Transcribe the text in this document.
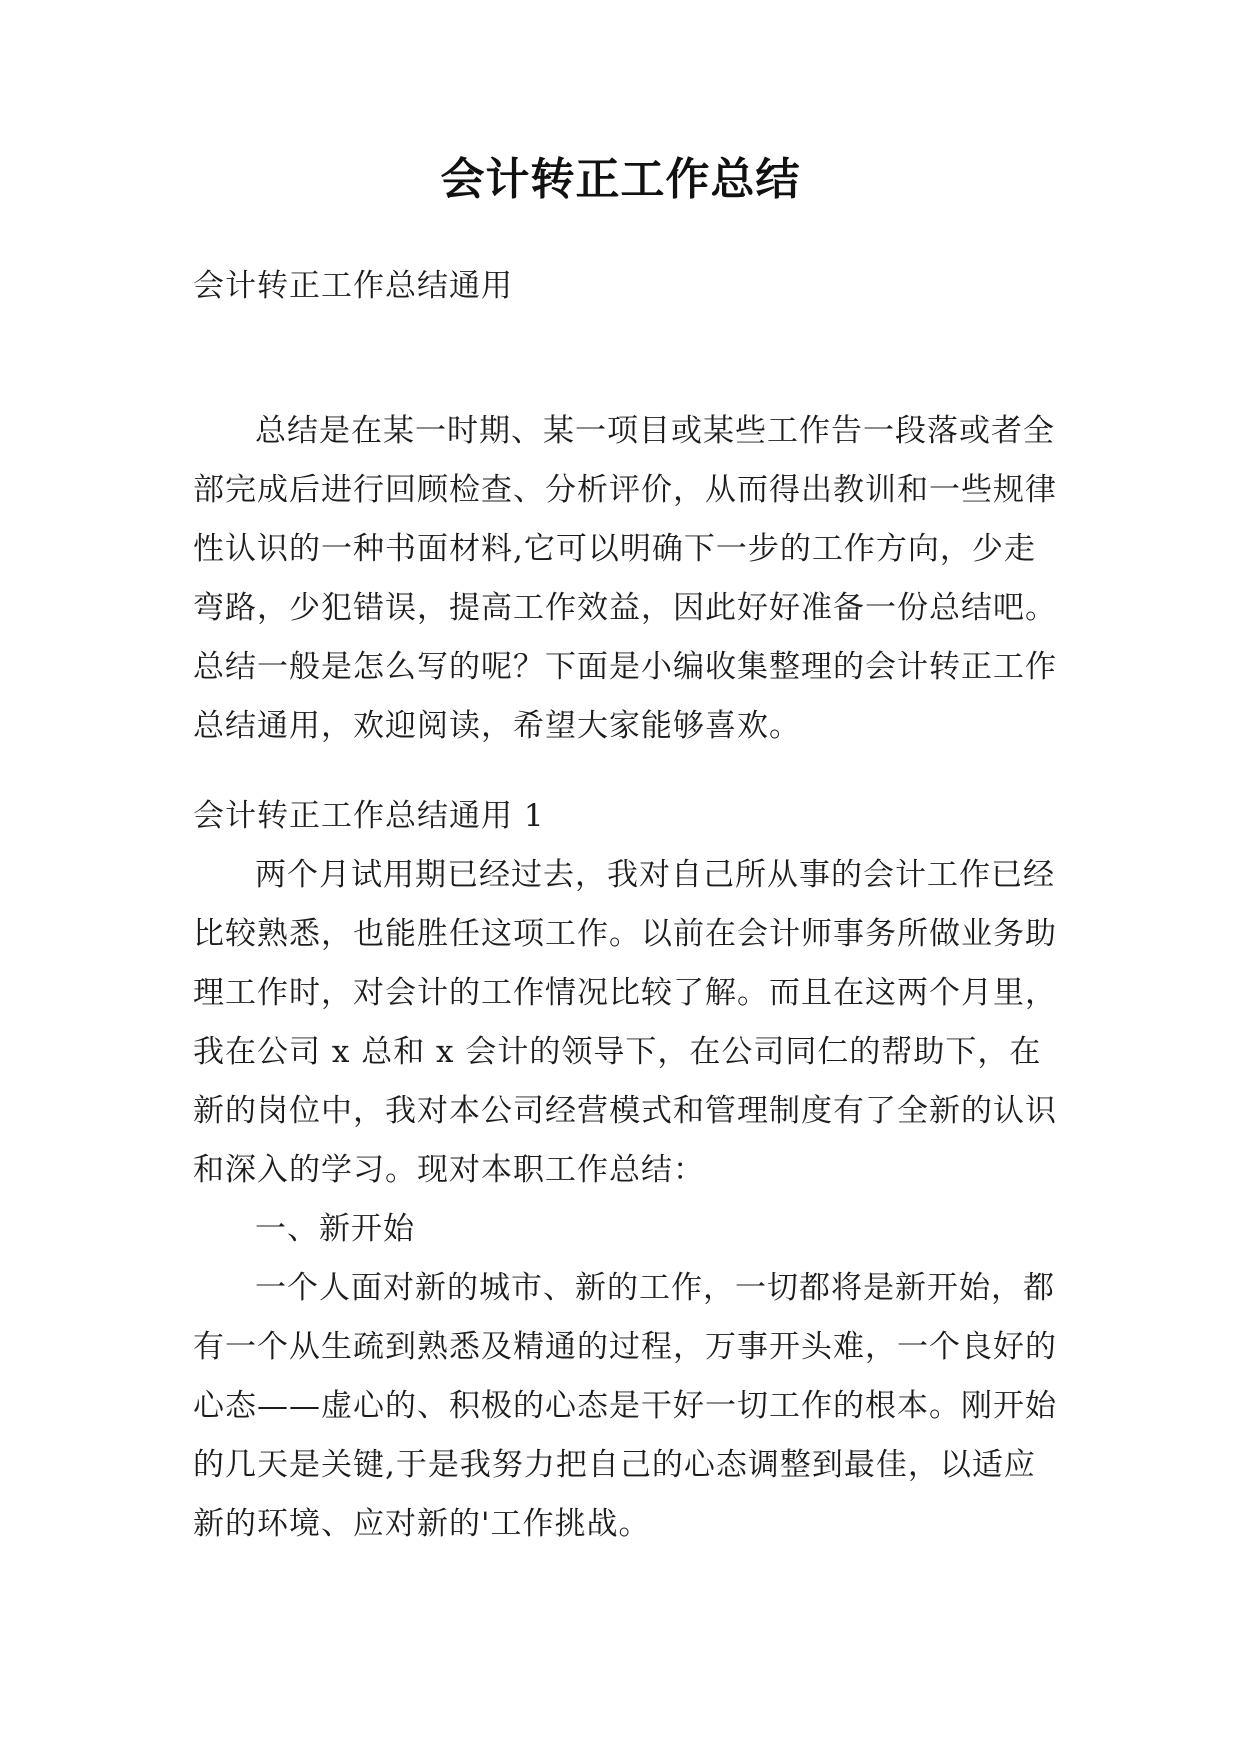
会计转正工作总结

会计转正工作总结通用

总结是在某一时期、某一项目或某些工作告一段落或者全部完成后进行回顾检查、分析评价，从而得出教训和一些规律性认识的一种书面材料,它可以明确下一步的工作方向，少走弯路，少犯错误，提高工作效益，因此好好准备一份总结吧。总结一般是怎么写的呢？下面是小编收集整理的会计转正工作总结通用，欢迎阅读，希望大家能够喜欢。

会计转正工作总结通用 1

两个月试用期已经过去，我对自己所从事的会计工作已经比较熟悉，也能胜任这项工作。以前在会计师事务所做业务助理工作时，对会计的工作情况比较了解。而且在这两个月里，我在公司 x 总和 x 会计的领导下，在公司同仁的帮助下，在新的岗位中，我对本公司经营模式和管理制度有了全新的认识和深入的学习。现对本职工作总结：

一、新开始

一个人面对新的城市、新的工作，一切都将是新开始，都有一个从生疏到熟悉及精通的过程，万事开头难，一个良好的心态——虚心的、积极的心态是干好一切工作的根本。刚开始的几天是关键,于是我努力把自己的心态调整到最佳，以适应新的环境、应对新的'工作挑战。
